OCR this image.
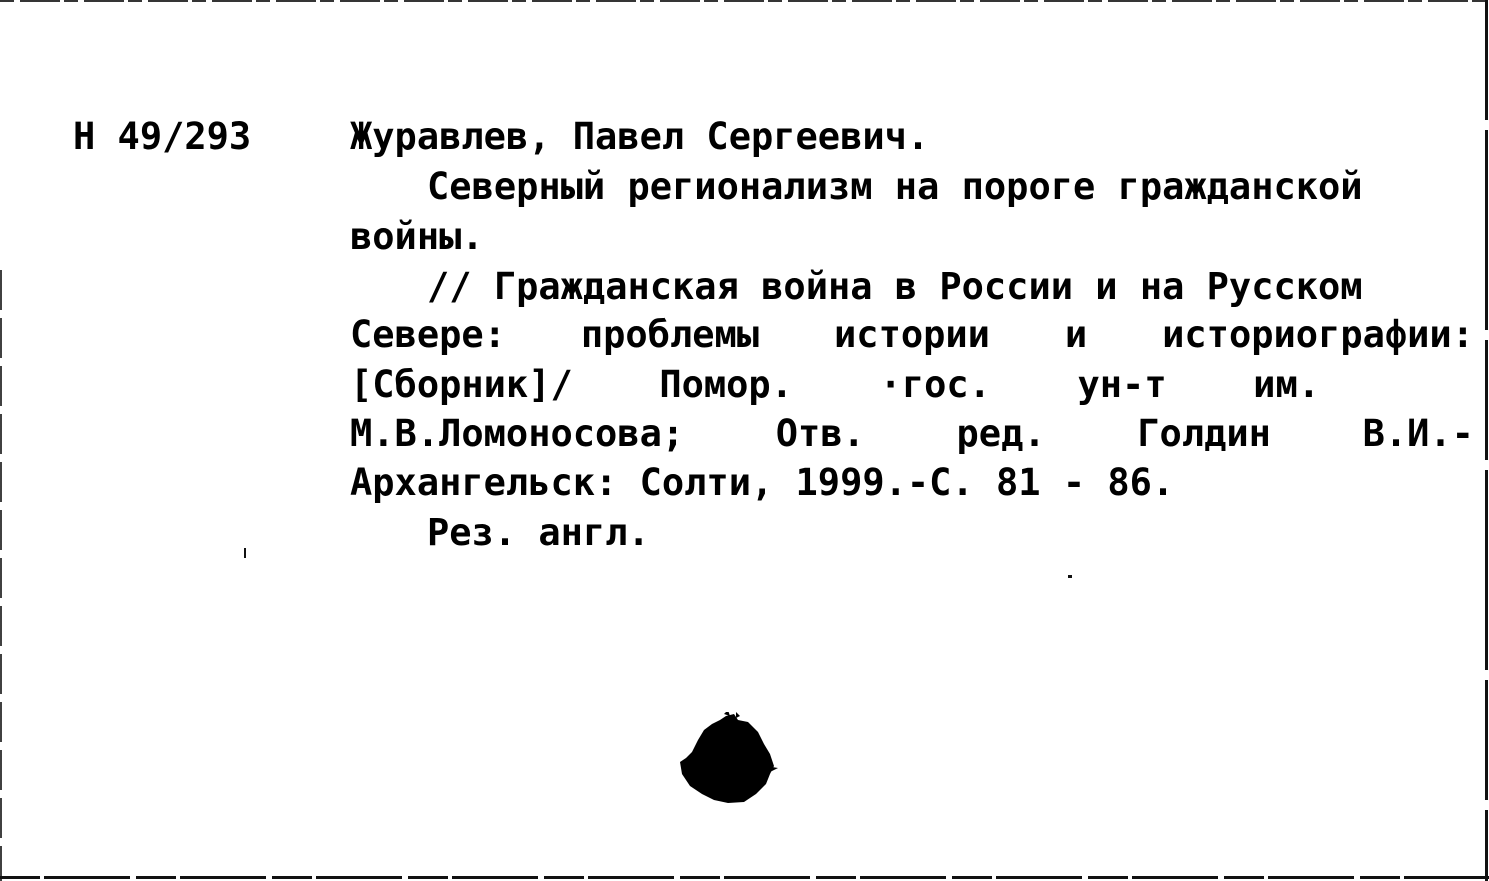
Н 49/293	Журавлев, Павел Сергеевич.
Северный регионализм на пороге гражданской
войны.
// Гражданская война в России и на Русском
Севере: проблемы истории и историографии:
[Сборник]/ Помор. ·гос. ун-т им.
М.В.Ломоносова; Отв. ред. Голдин В.И.-
Архангельск: Солти, 1999.-С. 81 - 86.
Рез. англ.
